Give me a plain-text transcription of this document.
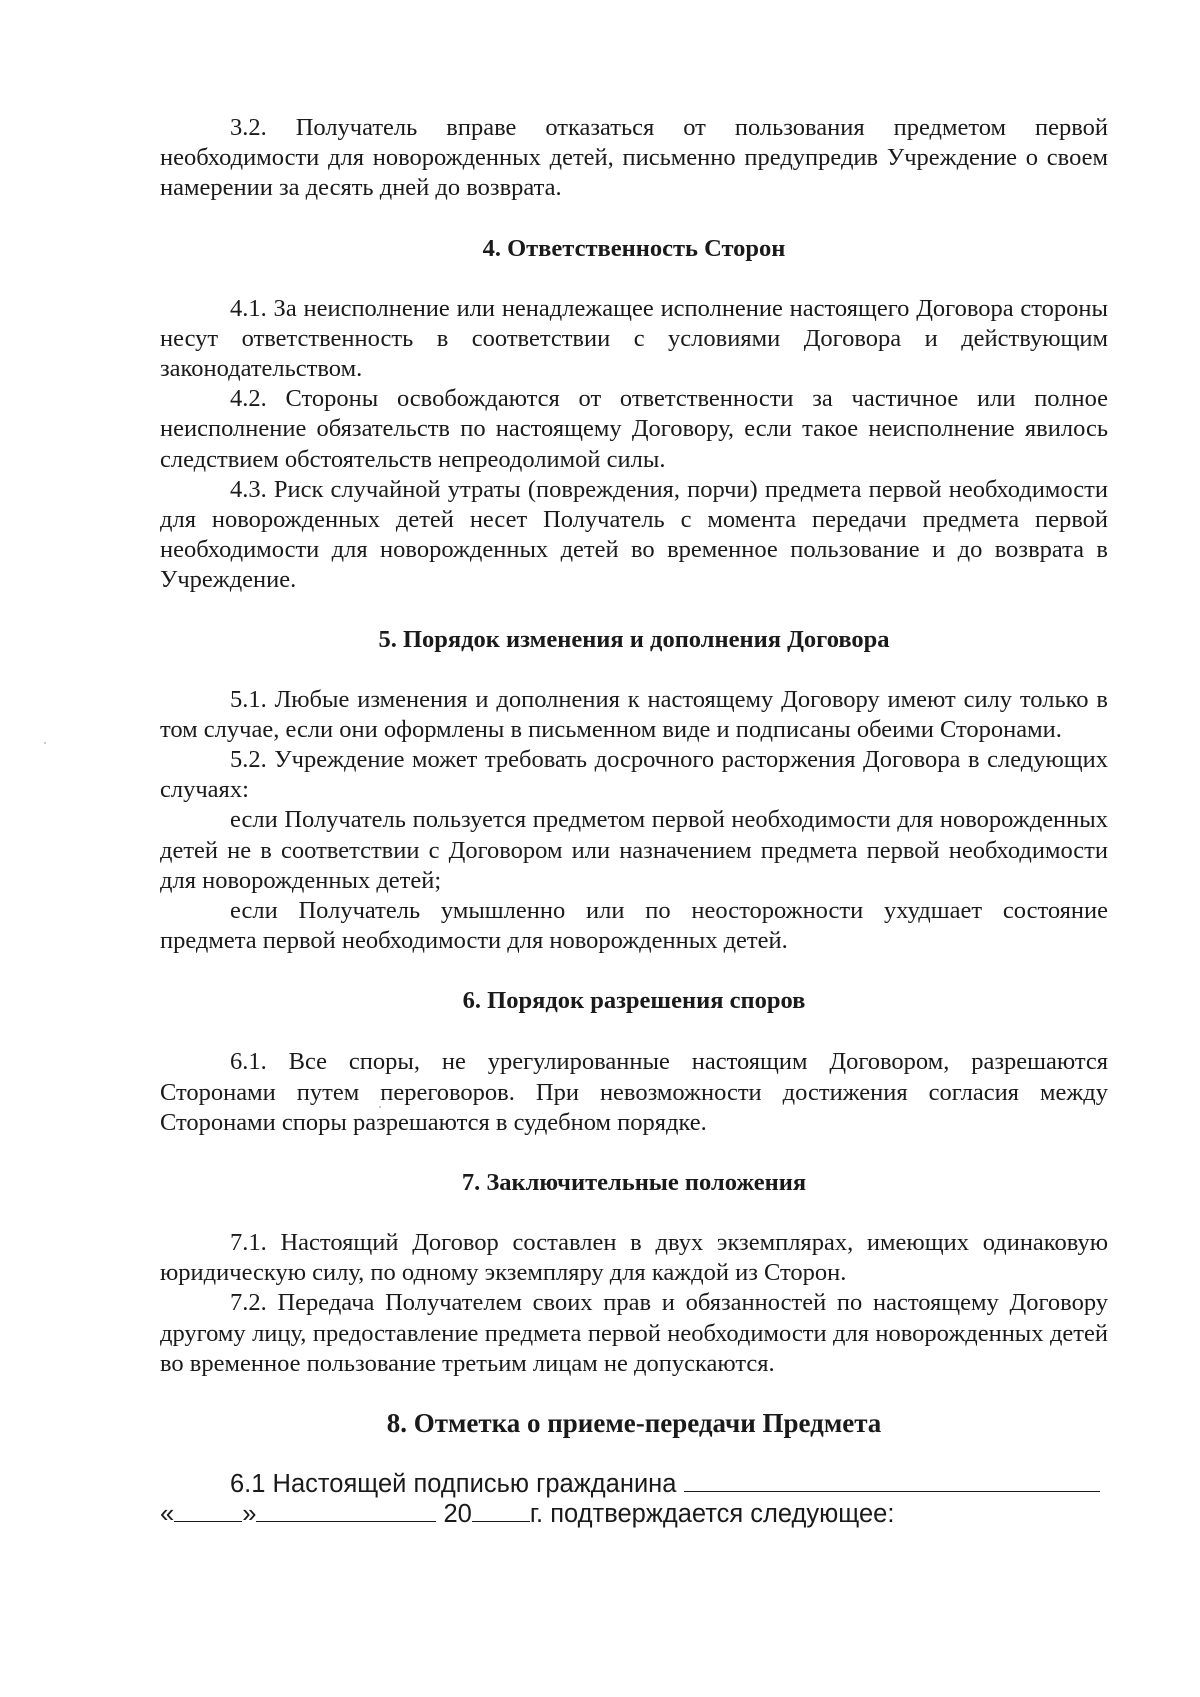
3.2. Получатель вправе отказаться от пользования предметом первой необходимости для новорожденных детей, письменно предупредив Учреждение о своем намерении за десять дней до возврата.

4. Ответственность Сторон

4.1. За неисполнение или ненадлежащее исполнение настоящего Договора стороны несут ответственность в соответствии с условиями Договора и действующим законодательством.

4.2. Стороны освобождаются от ответственности за частичное или полное неисполнение обязательств по настоящему Договору, если такое неисполнение явилось следствием обстоятельств непреодолимой силы.

4.3. Риск случайной утраты (повреждения, порчи) предмета первой необходимости для новорожденных детей несет Получатель с момента передачи предмета первой необходимости для новорожденных детей во временное пользование и до возврата в Учреждение.

5. Порядок изменения и дополнения Договора

5.1. Любые изменения и дополнения к настоящему Договору имеют силу только в том случае, если они оформлены в письменном виде и подписаны обеими Сторонами.

5.2. Учреждение может требовать досрочного расторжения Договора в следующих случаях:

если Получатель пользуется предметом первой необходимости для новорожденных детей не в соответствии с Договором или назначением предмета первой необходимости для новорожденных детей;

если Получатель умышленно или по неосторожности ухудшает состояние предмета первой необходимости для новорожденных детей.

6. Порядок разрешения споров

6.1. Все споры, не урегулированные настоящим Договором, разрешаются Сторонами путем переговоров. При невозможности достижения согласия между Сторонами споры разрешаются в судебном порядке.

7. Заключительные положения

7.1. Настоящий Договор составлен в двух экземплярах, имеющих одинаковую юридическую силу, по одному экземпляру для каждой из Сторон.

7.2. Передача Получателем своих прав и обязанностей по настоящему Договору другому лицу, предоставление предмета первой необходимости для новорожденных детей во временное пользование третьим лицам не допускаются.

8. Отметка о приеме-передачи Предмета

6.1 Настоящей подписью гражданина

«	»	20 г. подтверждается следующее:
